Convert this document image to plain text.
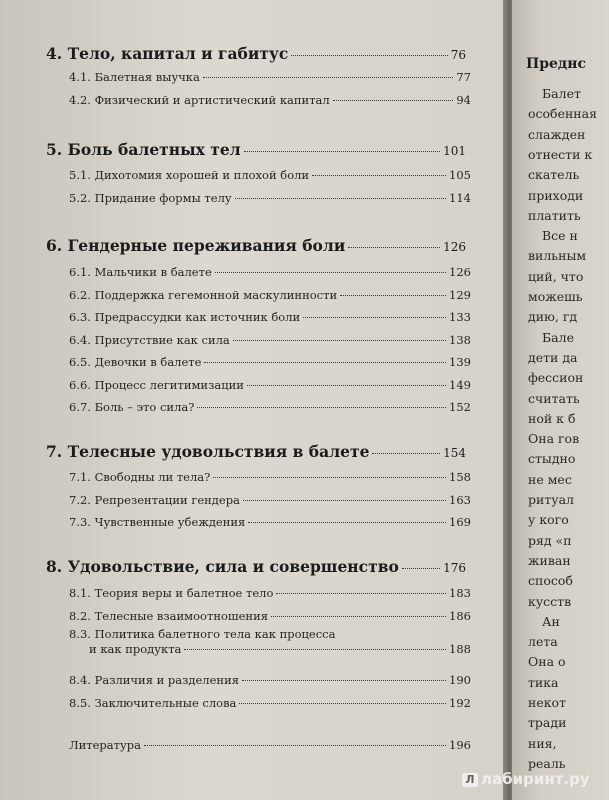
4. Тело, капитал и габитус	76
4.1. Балетная выучка	77
4.2. Физический и артистический капитал	94
5. Боль балетных тел	101
5.1. Дихотомия хорошей и плохой боли	105
5.2. Придание формы телу	114
6. Гендерные переживания боли	126
6.1. Мальчики в балете	126
6.2. Поддержка гегемонной маскулинности	129
6.3. Предрассудки как источник боли	133
6.4. Присутствие как сила	138
6.5. Девочки в балете	139
6.6. Процесс легитимизации	149
6.7. Боль – это сила?	152
7. Телесные удовольствия в балете	154
7.1. Свободны ли тела?	158
7.2. Репрезентации гендера	163
7.3. Чувственные убеждения	169
8. Удовольствие, сила и совершенство	176
8.1. Теория веры и балетное тело	183
8.2. Телесные взаимоотношения	186
8.3. Политика балетного тела как процесса
и как продукта	188
8.4. Различия и разделения	190
8.5. Заключительные слова	192
Литература	196
Преднс
Балет
особенная
слажден
отнести к
скатель
приходи
платить
Все н
вильным
ций, что
можешь
дию, гд
Бале
дети да
фессион
считать
ной к б
Она гов
стыдно
не мес
ритуал
у кого
ряд «п
живан
способ
кусств
Ан
лета
Она о
тика
некот
тради
ния,
реаль
Л лабиринт.ру
